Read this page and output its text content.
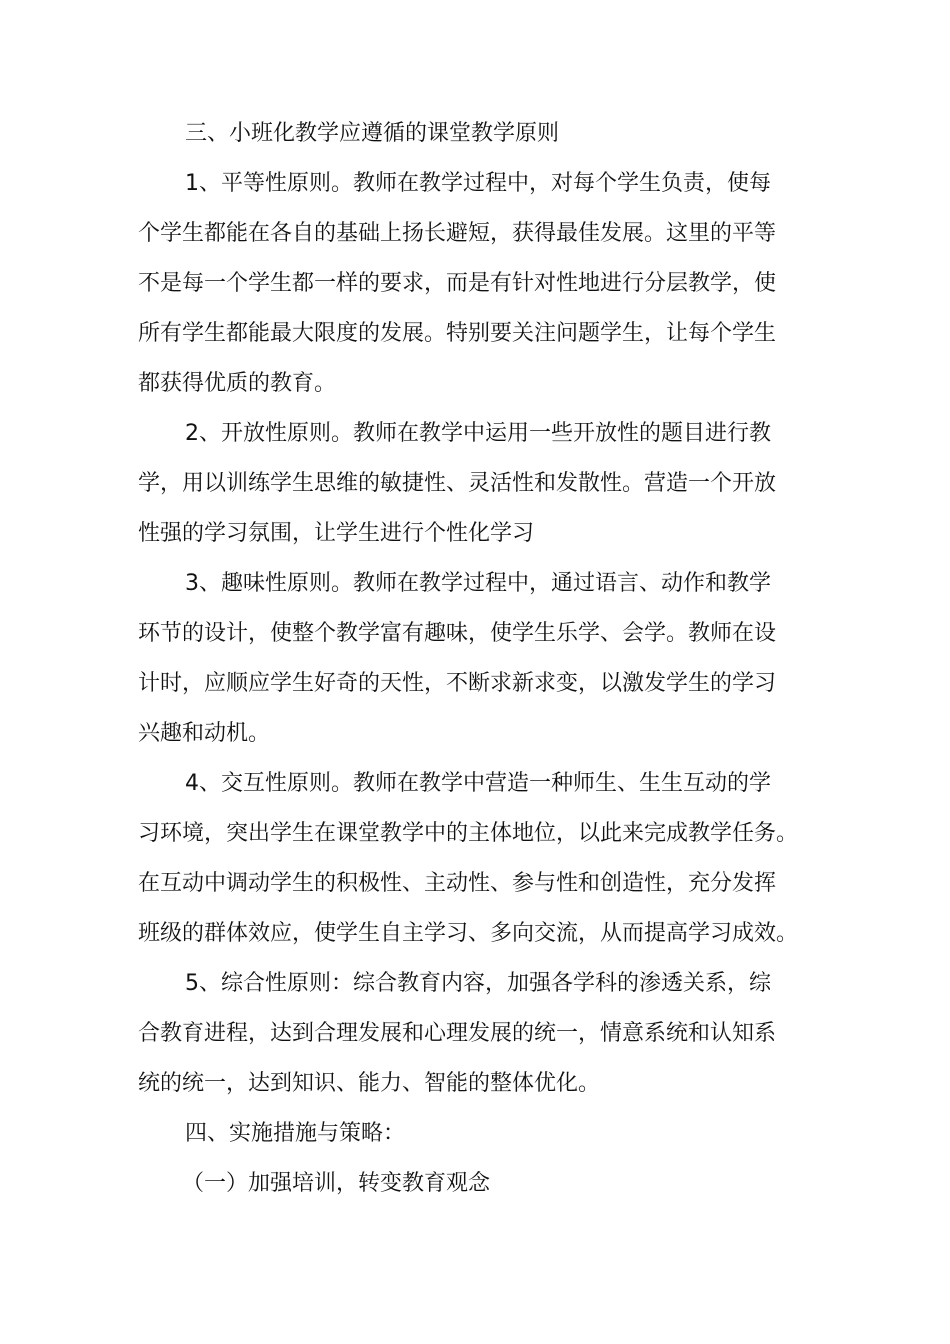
三、小班化教学应遵循的课堂教学原则
1、平等性原则。教师在教学过程中，对每个学生负责，使每
个学生都能在各自的基础上扬长避短，获得最佳发展。这里的平等
不是每一个学生都一样的要求，而是有针对性地进行分层教学，使
所有学生都能最大限度的发展。特别要关注问题学生，让每个学生
都获得优质的教育。
2、开放性原则。教师在教学中运用一些开放性的题目进行教
学，用以训练学生思维的敏捷性、灵活性和发散性。营造一个开放
性强的学习氛围，让学生进行个性化学习
3、趣味性原则。教师在教学过程中，通过语言、动作和教学
环节的设计，使整个教学富有趣味，使学生乐学、会学。教师在设
计时，应顺应学生好奇的天性，不断求新求变，以激发学生的学习
兴趣和动机。
4、交互性原则。教师在教学中营造一种师生、生生互动的学
习环境，突出学生在课堂教学中的主体地位，以此来完成教学任务。
在互动中调动学生的积极性、主动性、参与性和创造性，充分发挥
班级的群体效应，使学生自主学习、多向交流，从而提高学习成效。
5、综合性原则：综合教育内容，加强各学科的渗透关系，综
合教育进程，达到合理发展和心理发展的统一，情意系统和认知系
统的统一，达到知识、能力、智能的整体优化。
四、实施措施与策略：
（一）加强培训，转变教育观念
